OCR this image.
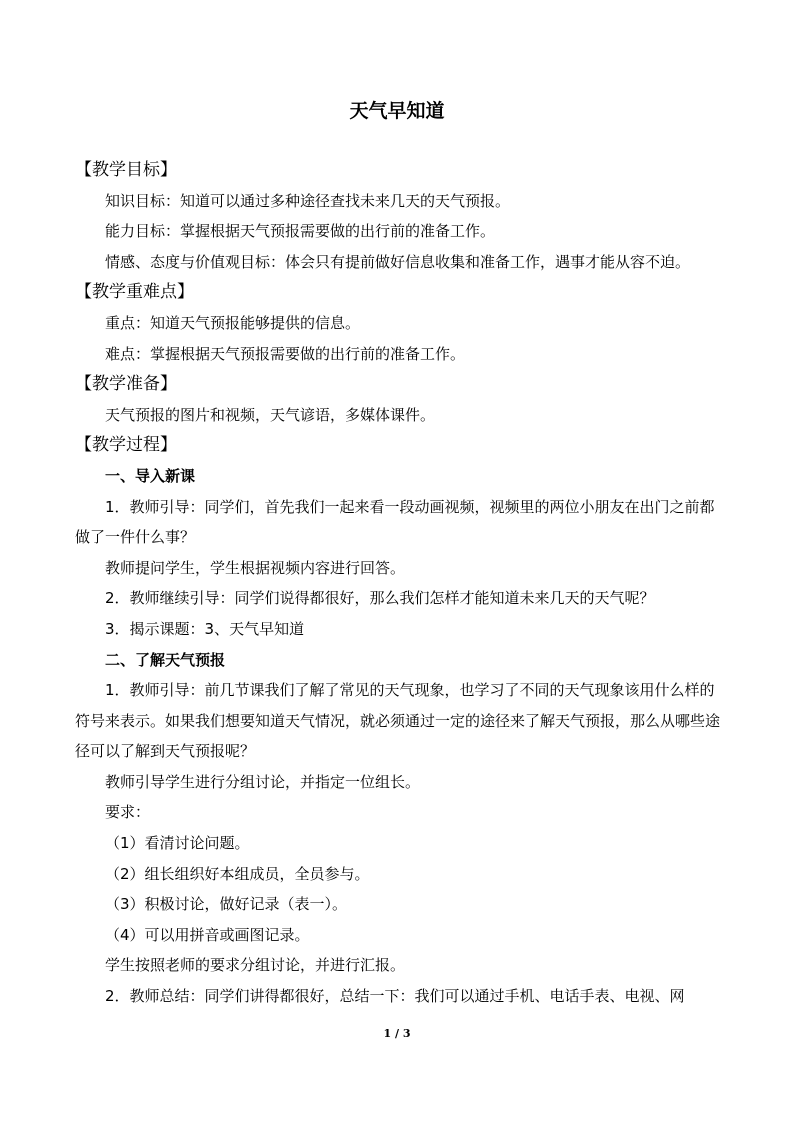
天气早知道

【教学目标】

知识目标：知道可以通过多种途径查找未来几天的天气预报。

能力目标：掌握根据天气预报需要做的出行前的准备工作。

情感、态度与价值观目标：体会只有提前做好信息收集和准备工作，遇事才能从容不迫。

【教学重难点】

重点：知道天气预报能够提供的信息。

难点：掌握根据天气预报需要做的出行前的准备工作。

【教学准备】

天气预报的图片和视频，天气谚语，多媒体课件。

【教学过程】

一、导入新课

1．教师引导：同学们，首先我们一起来看一段动画视频，视频里的两位小朋友在出门之前都做了一件什么事？

教师提问学生，学生根据视频内容进行回答。

2．教师继续引导：同学们说得都很好，那么我们怎样才能知道未来几天的天气呢？

3．揭示课题：3、天气早知道

二、了解天气预报

1．教师引导：前几节课我们了解了常见的天气现象，也学习了不同的天气现象该用什么样的符号来表示。如果我们想要知道天气情况，就必须通过一定的途径来了解天气预报，那么从哪些途径可以了解到天气预报呢？

教师引导学生进行分组讨论，并指定一位组长。

要求：

（1）看清讨论问题。

（2）组长组织好本组成员，全员参与。

（3）积极讨论，做好记录（表一）。

（4）可以用拼音或画图记录。

学生按照老师的要求分组讨论，并进行汇报。

2．教师总结：同学们讲得都很好，总结一下：我们可以通过手机、电话手表、电视、网

1 / 3
